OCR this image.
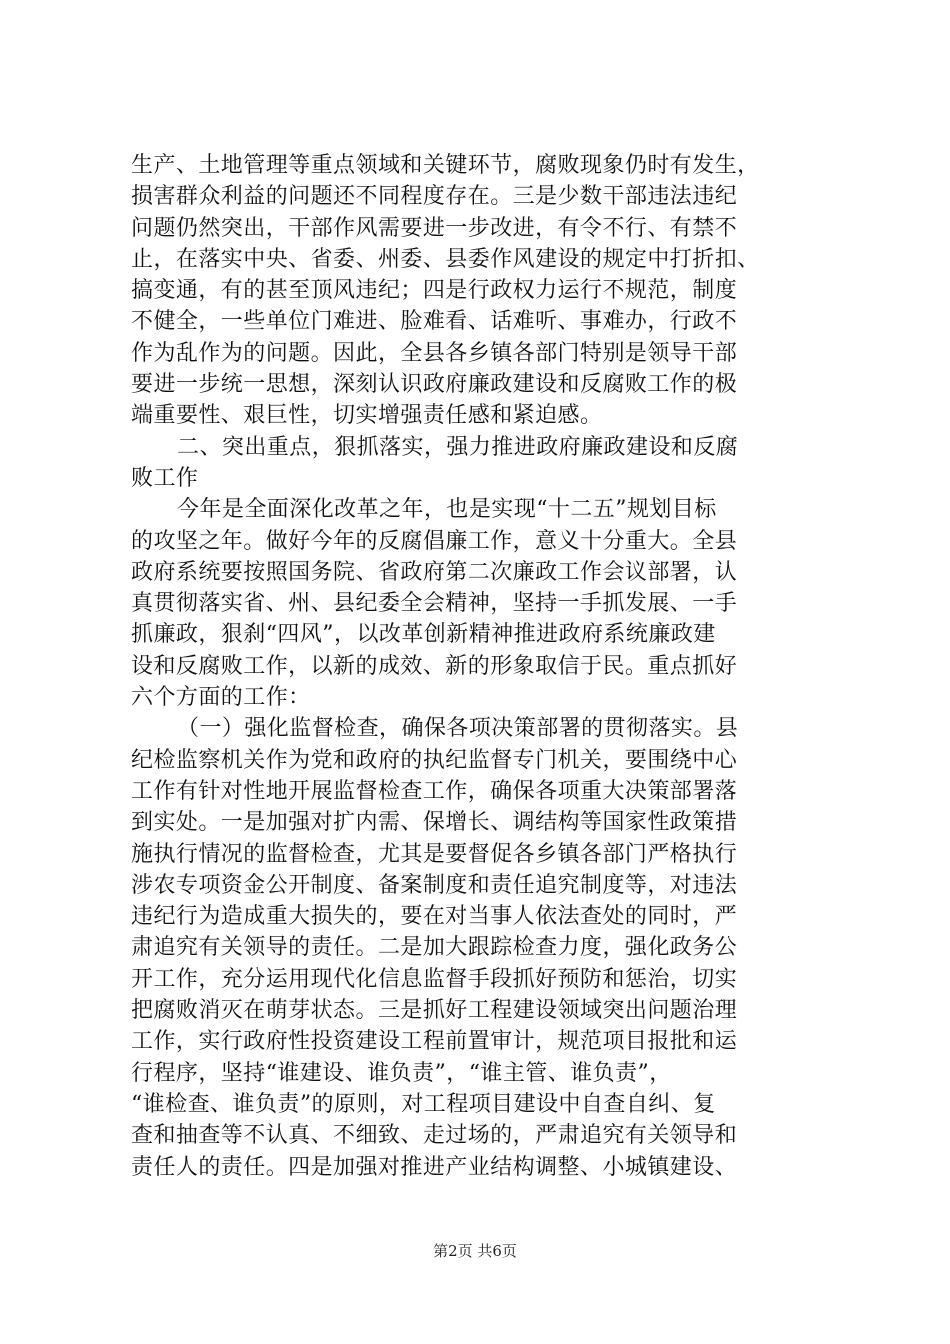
生产、土地管理等重点领域和关键环节，腐败现象仍时有发生，
损害群众利益的问题还不同程度存在。三是少数干部违法违纪
问题仍然突出，干部作风需要进一步改进，有令不行、有禁不
止，在落实中央、省委、州委、县委作风建设的规定中打折扣、
搞变通，有的甚至顶风违纪；四是行政权力运行不规范，制度
不健全，一些单位门难进、脸难看、话难听、事难办，行政不
作为乱作为的问题。因此，全县各乡镇各部门特别是领导干部
要进一步统一思想，深刻认识政府廉政建设和反腐败工作的极
端重要性、艰巨性，切实增强责任感和紧迫感。
二、突出重点，狠抓落实，强力推进政府廉政建设和反腐
败工作
今年是全面深化改革之年，也是实现“十二五”规划目标
的攻坚之年。做好今年的反腐倡廉工作，意义十分重大。全县
政府系统要按照国务院、省政府第二次廉政工作会议部署，认
真贯彻落实省、州、县纪委全会精神，坚持一手抓发展、一手
抓廉政，狠刹“四风”，以改革创新精神推进政府系统廉政建
设和反腐败工作，以新的成效、新的形象取信于民。重点抓好
六个方面的工作：
（一）强化监督检查，确保各项决策部署的贯彻落实。县
纪检监察机关作为党和政府的执纪监督专门机关，要围绕中心
工作有针对性地开展监督检查工作，确保各项重大决策部署落
到实处。一是加强对扩内需、保增长、调结构等国家性政策措
施执行情况的监督检查，尤其是要督促各乡镇各部门严格执行
涉农专项资金公开制度、备案制度和责任追究制度等，对违法
违纪行为造成重大损失的，要在对当事人依法查处的同时，严
肃追究有关领导的责任。二是加大跟踪检查力度，强化政务公
开工作，充分运用现代化信息监督手段抓好预防和惩治，切实
把腐败消灭在萌芽状态。三是抓好工程建设领域突出问题治理
工作，实行政府性投资建设工程前置审计，规范项目报批和运
行程序，坚持“谁建设、谁负责”，“谁主管、谁负责”，
“谁检查、谁负责”的原则，对工程项目建设中自查自纠、复
查和抽查等不认真、不细致、走过场的，严肃追究有关领导和
责任人的责任。四是加强对推进产业结构调整、小城镇建设、
第2页 共6页
